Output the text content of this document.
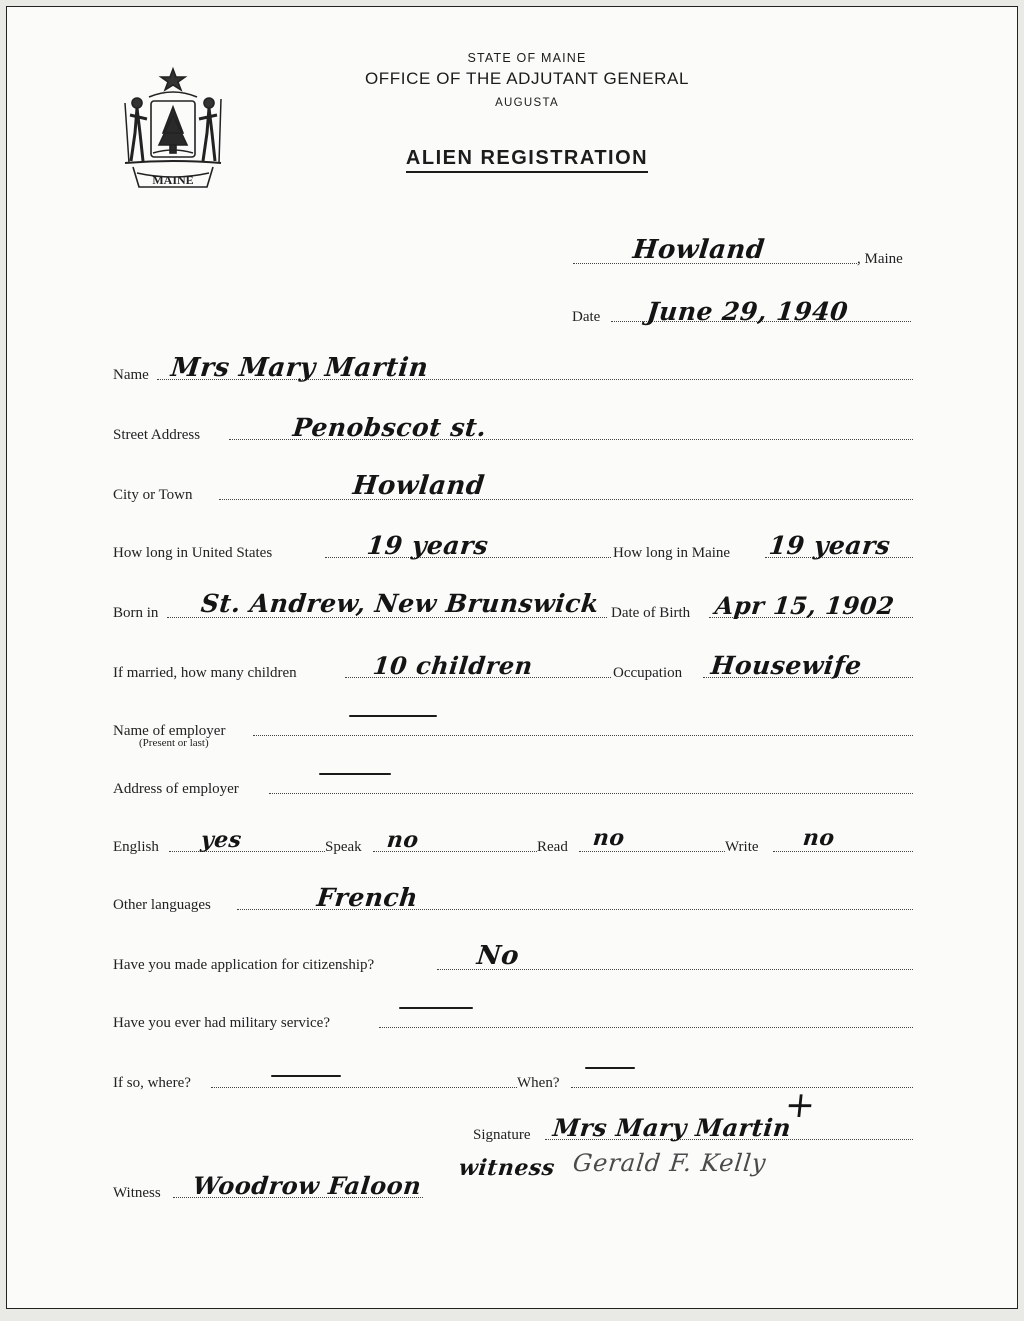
MAINE
STATE OF MAINE
OFFICE OF THE ADJUTANT GENERAL
AUGUSTA
ALIEN REGISTRATION
Howland	, Maine
Date June 29, 1940
Name Mrs Mary Martin
Street Address	Penobscot st.
City or Town	Howland
How long in United States	19 years	How long in Maine 19 years
Born in St. Andrew, New Brunswick Date of Birth Apr 15, 1902
If married, how many children	10 children	Occupation Housewife
Name of employer
(Present or last)
Address of employer
English yes	Speak no	Read no	Write no
Other languages	French
Have you made application for citizenship?	No
Have you ever had military service?
If so, where?	When?
Signature Mrs Mary Martin
+
witness Gerald F. Kelly
Witness Woodrow Faloon
